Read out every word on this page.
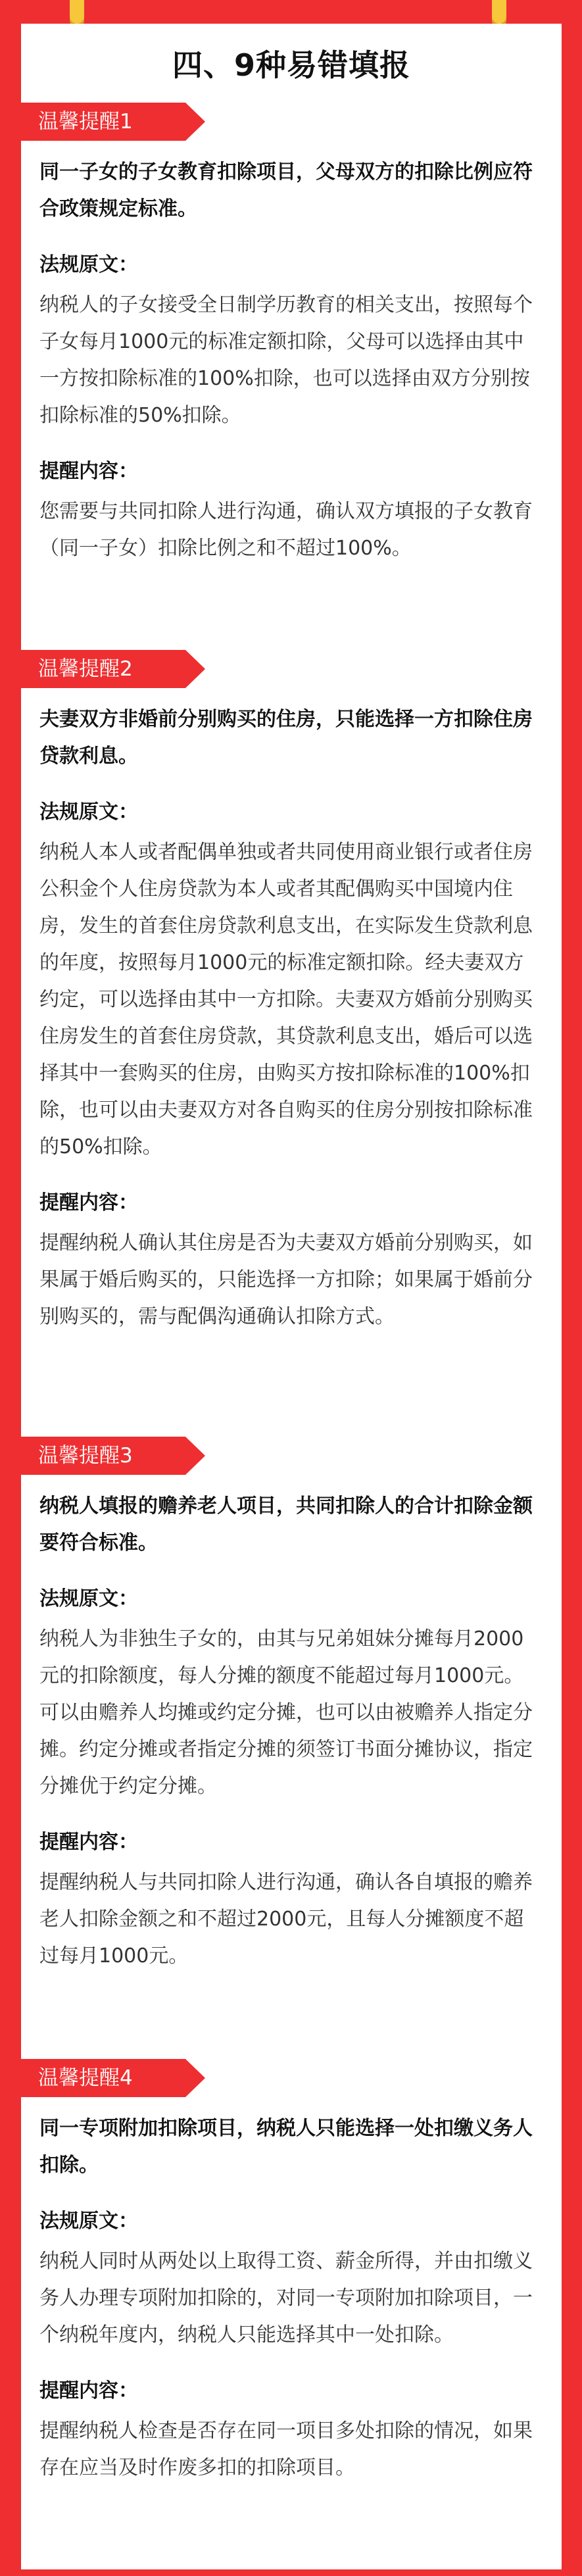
四、9种易错填报
温馨提醒1
同一子女的子女教育扣除项目，父母双方的扣除比例应符合政策规定标准。
法规原文：
纳税人的子女接受全日制学历教育的相关支出，按照每个子女每月1000元的标准定额扣除，父母可以选择由其中一方按扣除标准的100%扣除，也可以选择由双方分别按扣除标准的50%扣除。
提醒内容：
您需要与共同扣除人进行沟通，确认双方填报的子女教育（同一子女）扣除比例之和不超过100%。
温馨提醒2
夫妻双方非婚前分别购买的住房，只能选择一方扣除住房贷款利息。
法规原文：
纳税人本人或者配偶单独或者共同使用商业银行或者住房公积金个人住房贷款为本人或者其配偶购买中国境内住房，发生的首套住房贷款利息支出，在实际发生贷款利息的年度，按照每月1000元的标准定额扣除。经夫妻双方约定，可以选择由其中一方扣除。夫妻双方婚前分别购买住房发生的首套住房贷款，其贷款利息支出，婚后可以选择其中一套购买的住房，由购买方按扣除标准的100%扣除，也可以由夫妻双方对各自购买的住房分别按扣除标准的50%扣除。
提醒内容：
提醒纳税人确认其住房是否为夫妻双方婚前分别购买，如果属于婚后购买的，只能选择一方扣除；如果属于婚前分别购买的，需与配偶沟通确认扣除方式。
温馨提醒3
纳税人填报的赡养老人项目，共同扣除人的合计扣除金额要符合标准。
法规原文：
纳税人为非独生子女的，由其与兄弟姐妹分摊每月2000元的扣除额度，每人分摊的额度不能超过每月1000元。可以由赡养人均摊或约定分摊，也可以由被赡养人指定分摊。约定分摊或者指定分摊的须签订书面分摊协议，指定分摊优于约定分摊。
提醒内容：
提醒纳税人与共同扣除人进行沟通，确认各自填报的赡养老人扣除金额之和不超过2000元，且每人分摊额度不超过每月1000元。
温馨提醒4
同一专项附加扣除项目，纳税人只能选择一处扣缴义务人扣除。
法规原文：
纳税人同时从两处以上取得工资、薪金所得，并由扣缴义务人办理专项附加扣除的，对同一专项附加扣除项目，一个纳税年度内，纳税人只能选择其中一处扣除。
提醒内容：
提醒纳税人检查是否存在同一项目多处扣除的情况，如果存在应当及时作废多扣的扣除项目。
